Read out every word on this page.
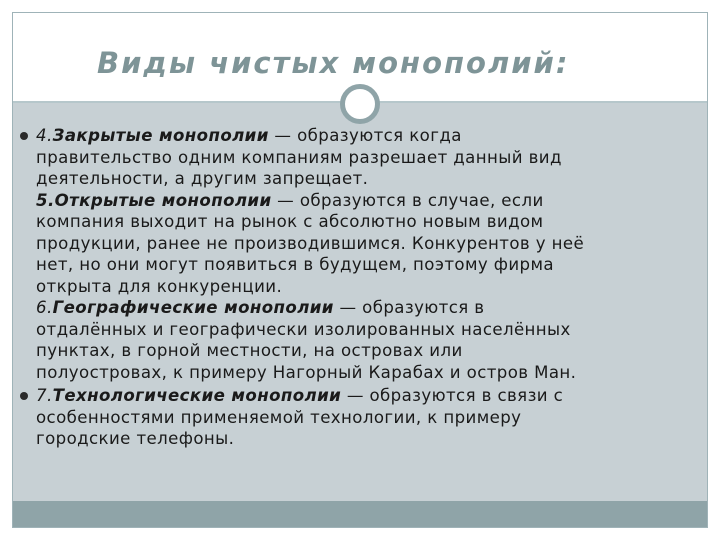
Виды чистых монополий:
4.Закрытые монополии — образуются когда
правительство одним компаниям разрешает данный вид
деятельности, а другим запрещает.
5.Открытые монополии — образуются в случае, если
компания выходит на рынок с абсолютно новым видом
продукции, ранее не производившимся. Конкурентов у неё
нет, но они могут появиться в будущем, поэтому фирма
открыта для конкуренции.
6.Географические монополии — образуются в
отдалённых и географически изолированных населённых
пунктах, в горной местности, на островах или
полуостровах, к примеру Нагорный Карабах и остров Ман.
7.Технологические монополии — образуются в связи с
особенностями применяемой технологии, к примеру
городские телефоны.
